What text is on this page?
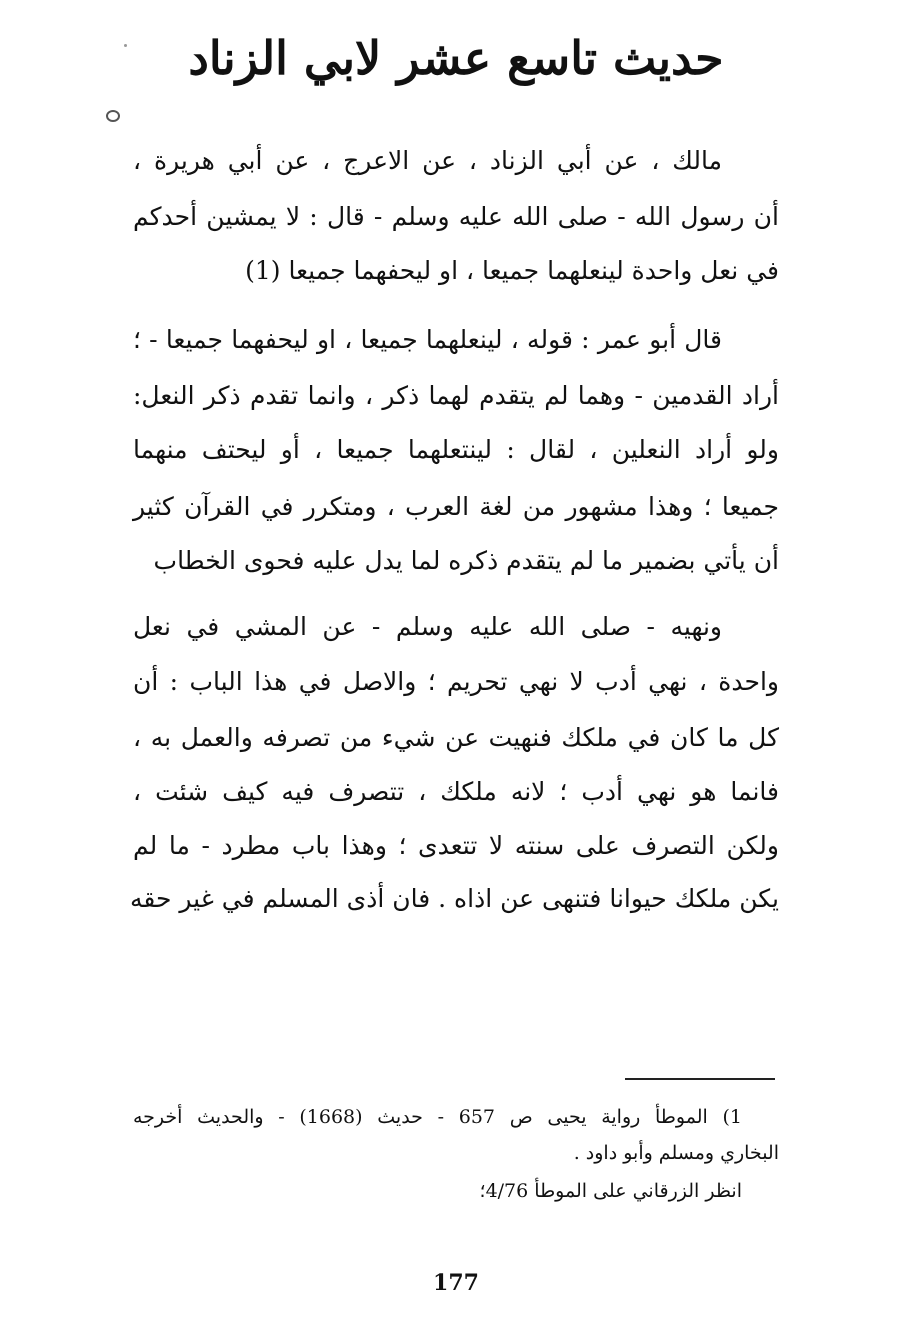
حديث تاسع عشر لابي الزناد
مالك ، عن أبي الزناد ، عن الاعرج ، عن أبي هريرة ،
أن رسول الله - صلى الله عليه وسلم - قال : لا يمشين أحدكم
في نعل واحدة لينعلهما جميعا ، او ليحفهما جميعا (1)
قال أبو عمر : قوله ، لينعلهما جميعا ، او ليحفهما جميعا - ؛
أراد القدمين - وهما لم يتقدم لهما ذكر ، وانما تقدم ذكر النعل:
ولو أراد النعلين ، لقال : لينتعلهما جميعا ، أو ليحتف منهما
جميعا ؛ وهذا مشهور من لغة العرب ، ومتكرر في القرآن كثير
أن يأتي بضمير ما لم يتقدم ذكره لما يدل عليه فحوى الخطاب
ونهيه - صلى الله عليه وسلم - عن المشي في نعل
واحدة ، نهي أدب لا نهي تحريم ؛ والاصل في هذا الباب : أن
كل ما كان في ملكك فنهيت عن شيء من تصرفه والعمل به ،
فانما هو نهي أدب ؛ لانه ملكك ، تتصرف فيه كيف شئت ،
ولكن التصرف على سنته لا تتعدى ؛ وهذا باب مطرد - ما لم
يكن ملكك حيوانا فتنهى عن اذاه . فان أذى المسلم في غير حقه
1) الموطأ رواية يحيى ص 657 - حديث (1668) - والحديث أخرجه
البخاري ومسلم وأبو داود .
انظر الزرقاني على الموطأ 4/76؛
177
